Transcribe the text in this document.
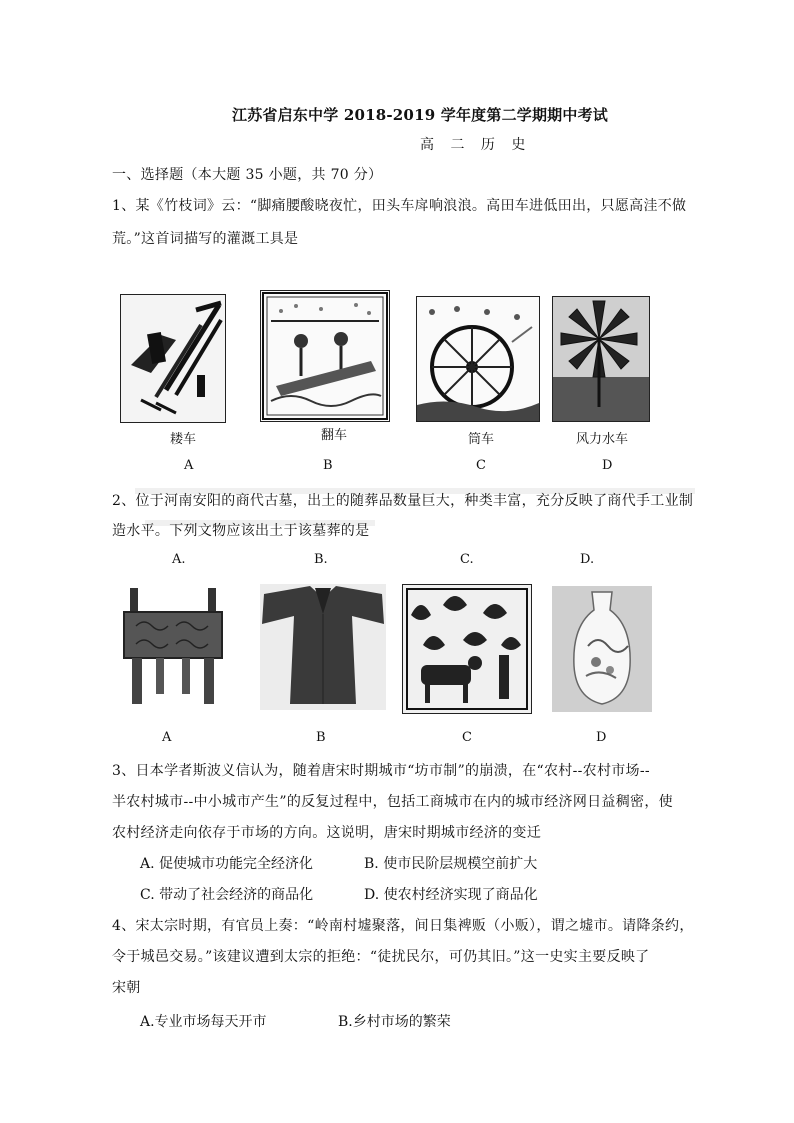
江苏省启东中学 2018-2019 学年度第二学期期中考试
高 二 历 史
一、选择题（本大题 35 小题，共 70 分）
1、某《竹枝词》云：“脚痛腰酸晓夜忙，田头车戽响浪浪。高田车进低田出，只愿高洼不做
荒。”这首词描写的灌溉工具是
耧车	翻车	筒车	风力水车
A	B	C	D
2、位于河南安阳的商代古墓，出土的随葬品数量巨大，种类丰富，充分反映了商代手工业制
造水平。下列文物应该出土于该墓葬的是
A.	B.	C.	D.
A	B	C	D
3、日本学者斯波义信认为，随着唐宋时期城市“坊市制”的崩溃，在“农村--农村市场--
半农村城市--中小城市产生”的反复过程中，包括工商城市在内的城市经济网日益稠密，使
农村经济走向依存于市场的方向。这说明，唐宋时期城市经济的变迁
A. 促使城市功能完全经济化	B. 使市民阶层规模空前扩大
C. 带动了社会经济的商品化	D. 使农村经济实现了商品化
4、宋太宗时期，有官员上奏：“岭南村墟聚落，间日集裨贩（小贩），谓之墟市。请降条约，
令于城邑交易。”该建议遭到太宗的拒绝：“徒扰民尔，可仍其旧。”这一史实主要反映了
宋朝
A.专业市场每天开市	B.乡村市场的繁荣
